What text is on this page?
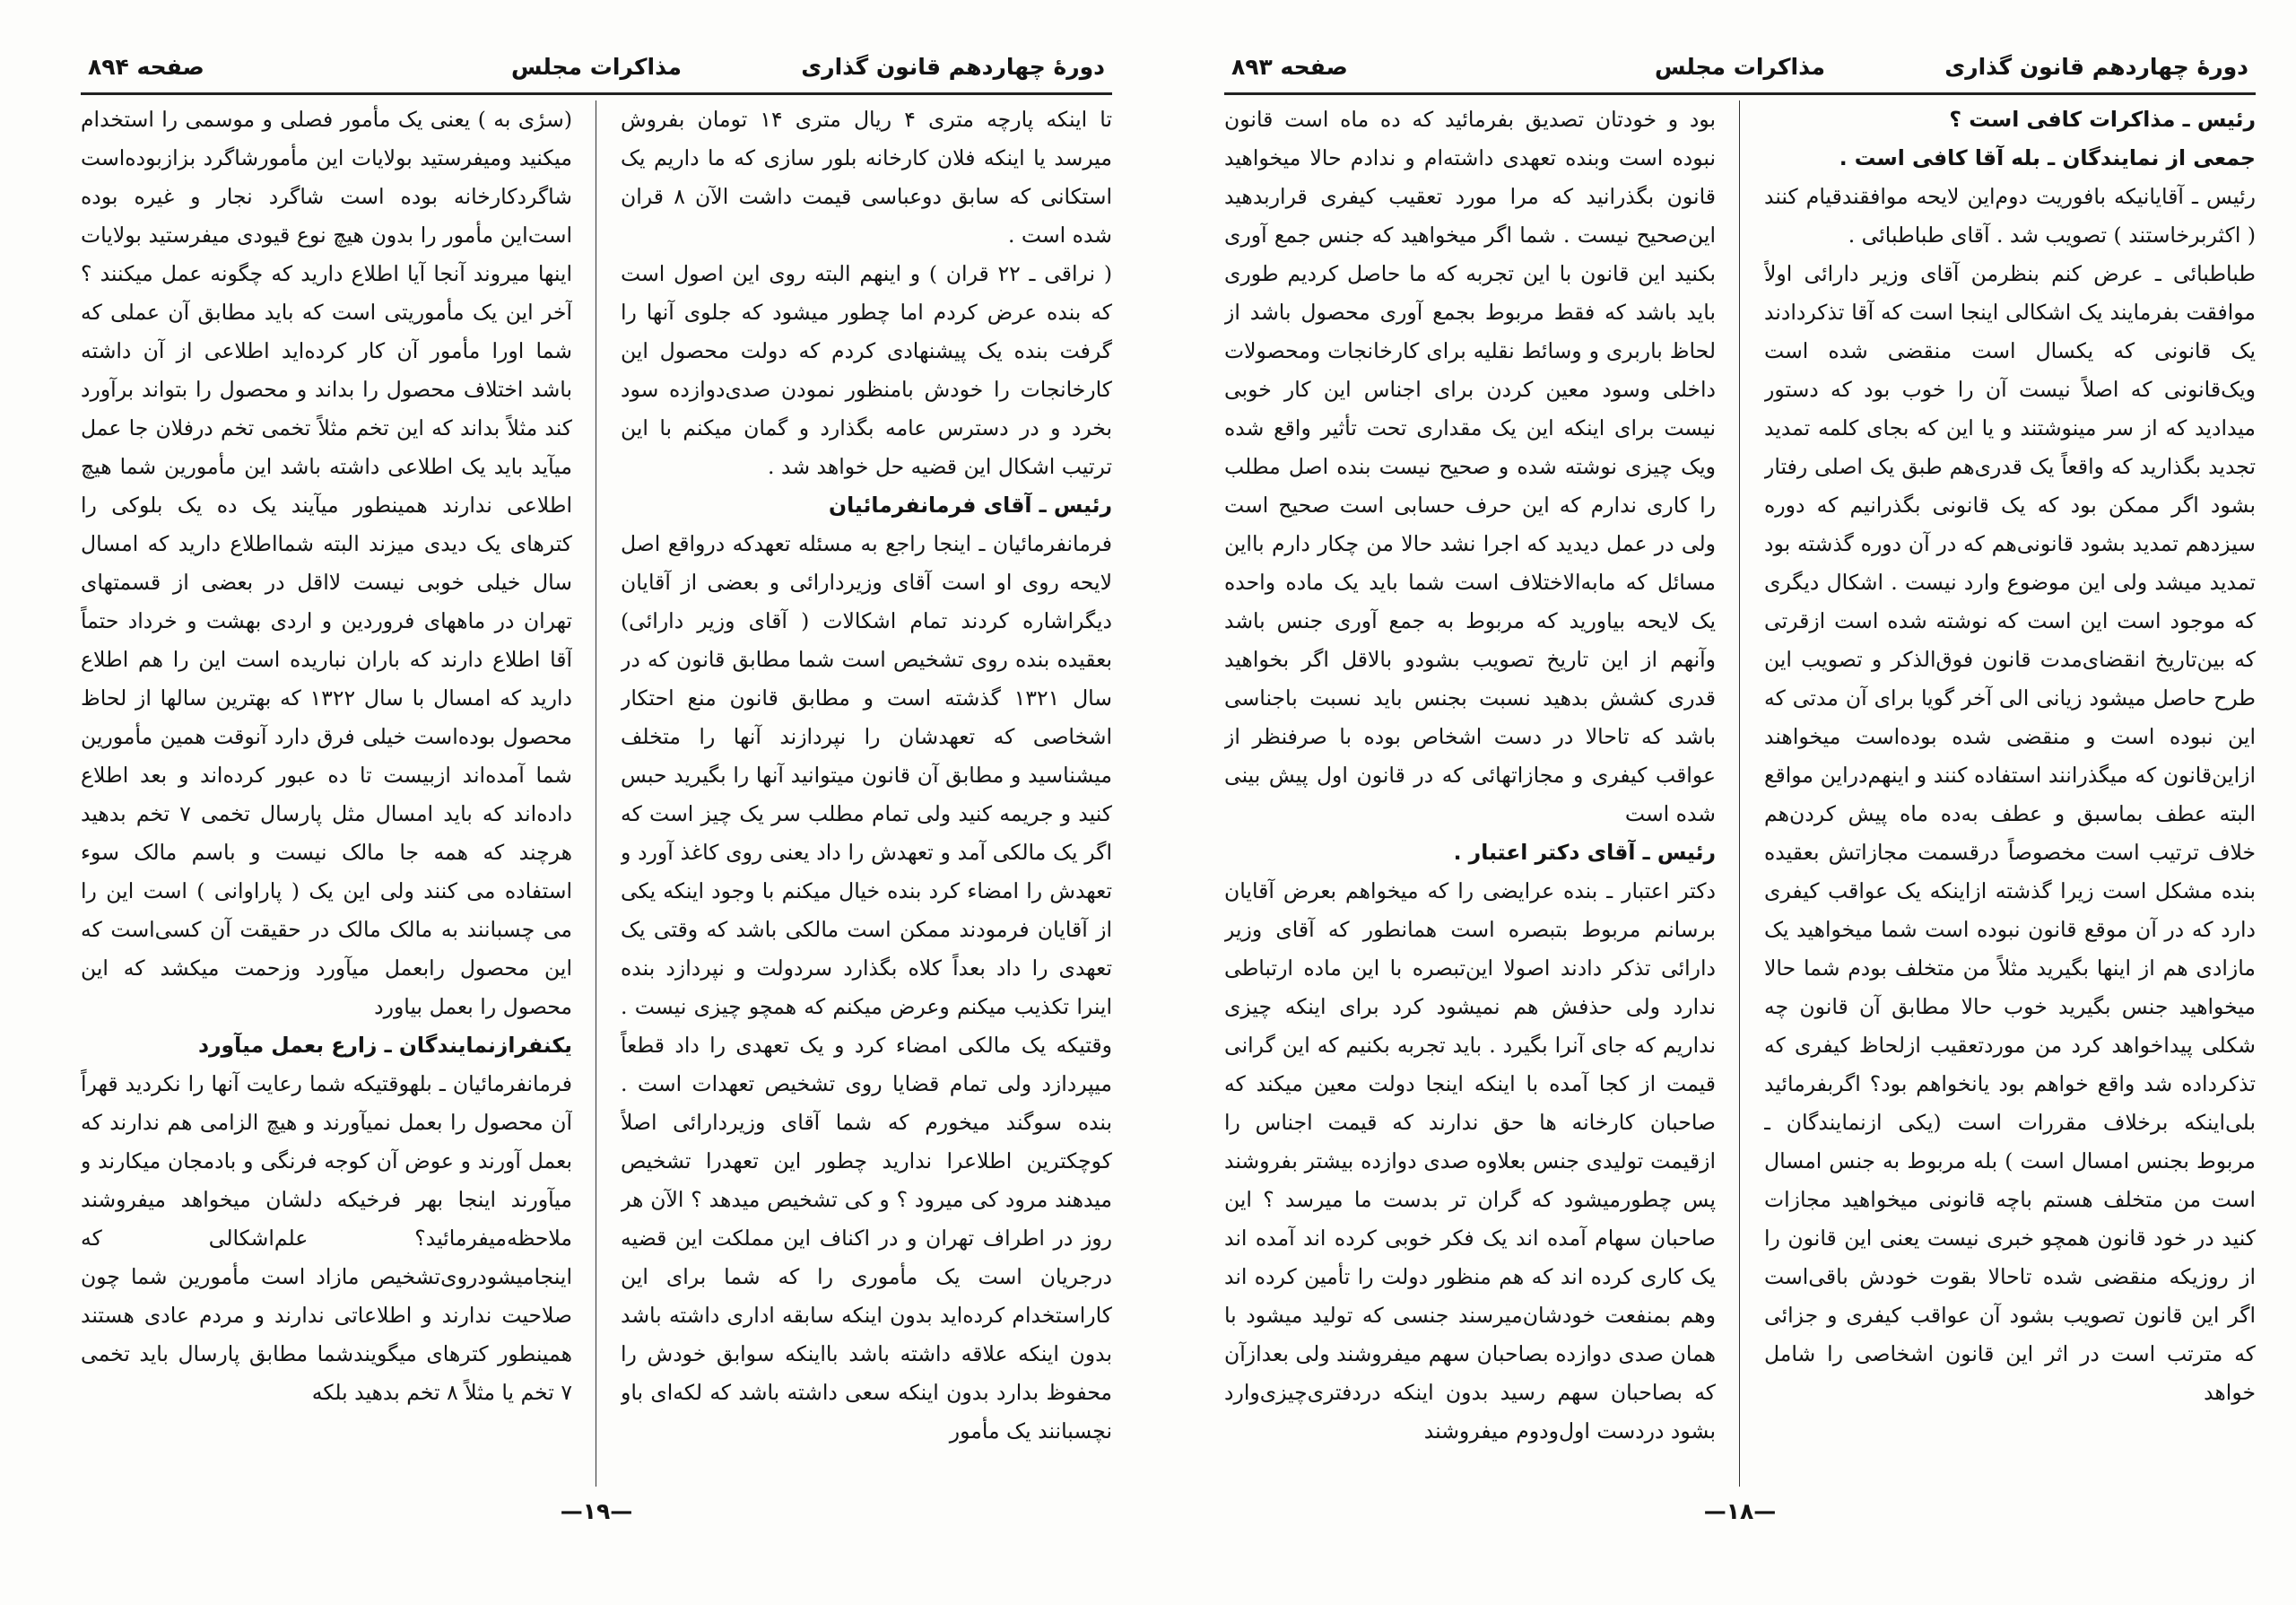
دورهٔ چهاردهم قانون گذاری
مذاکرات مجلس
صفحه ۸۹۴

تا اینکه پارچه متری ۴ ریال متری ۱۴ تومان بفروش میرسد یا اینکه فلان کارخانه بلور سازی که ما داریم یک استکانی که سابق دوعباسی قیمت داشت الآن ۸ قران شده است .

( نراقی ـ ۲۲ قران ) و اینهم البته روی این اصول است که بنده عرض کردم اما چطور میشود که جلوی آنها را گرفت بنده یک پیشنهادی کردم که دولت محصول این کارخانجات را خودش بامنظور نمودن صدی‌دوازده سود بخرد و در دسترس عامه بگذارد و گمان میکنم با این ترتیب اشکال این قضیه حل خواهد شد .

رئیس ـ آقای فرمانفرمائیان

فرمانفرمائیان ـ اینجا راجع به مسئله تعهدکه درواقع اصل لایحه روی او است آقای وزیردارائی و بعضی از آقایان دیگراشاره کردند تمام اشکالات ( آقای وزیر دارائی) بعقیده بنده روی تشخیص است شما مطابق قانون که در سال ۱۳۲۱ گذشته است و مطابق قانون منع احتکار اشخاصی که تعهدشان را نپردازند آنها را متخلف میشناسید و مطابق آن قانون میتوانید آنها را بگیرید حبس کنید و جریمه کنید ولی تمام مطلب سر یک چیز است که اگر یک مالکی آمد و تعهدش را داد یعنی روی کاغذ آورد و تعهدش را امضاء کرد بنده خیال میکنم با وجود اینکه یکی از آقایان فرمودند ممکن است مالکی باشد که وقتی یک تعهدی را داد بعداً کلاه بگذارد سردولت و نپردازد بنده اینرا تکذیب میکنم وعرض میکنم که همچو چیزی نیست . وقتیکه یک مالکی امضاء کرد و یک تعهدی را داد قطعاً میپردازد ولی تمام قضایا روی تشخیص تعهدات است . بنده سوگند میخورم که شما آقای وزیردارائی اصلاً کوچکترین اطلاعرا ندارید چطور این تعهدرا تشخیص میدهند مرود کی میرود ؟ و کی تشخیص میدهد ؟ الآن هر روز در اطراف تهران و در اکناف این مملکت این قضیه درجریان است یک مأموری را که شما برای این کاراستخدام کرده‌اید بدون اینکه سابقه اداری داشته باشد بدون اینکه علاقه داشته باشد بااینکه سوابق خودش را محفوظ بدارد بدون اینکه سعی داشته باشد که لکه‌ای باو نچسبانند یک مأمور

(سرٔی به ) یعنی یک مأمور فصلی و موسمی را استخدام میکنید ومیفرستید بولایات این مأمورشاگرد بزازبوده‌است شاگردکارخانه بوده است شاگرد نجار و غیره بوده است‌این مأمور را بدون هیچ نوع قیودی میفرستید بولایات اینها میروند آنجا آیا اطلاع دارید که چگونه عمل میکنند ؟ آخر این یک مأموریتی است که باید مطابق آن عملی که شما اورا مأمور آن کار کرده‌اید اطلاعی از آن داشته باشد اختلاف محصول را بداند و محصول را بتواند برآورد کند مثلاً بداند که این تخم مثلاً تخمی تخم درفلان جا عمل میآید باید یک اطلاعی داشته باشد این مأمورین شما هیچ اطلاعی ندارند همینطور میآیند یک ده یک بلوکی را کترهای یک دیدی میزند البته شمااطلاع دارید که امسال سال خیلی خوبی نیست لااقل در بعضی از قسمتهای تهران در ماههای فروردین و اردی بهشت و خرداد حتماً آقا اطلاع دارند که باران نباریده است این را هم اطلاع دارید که امسال با سال ۱۳۲۲ که بهترین سالها از لحاظ محصول بوده‌است خیلی فرق دارد آنوقت همین مأمورین شما آمده‌اند ازبیست تا ده عبور کرده‌اند و بعد اطلاع داده‌اند که باید امسال مثل پارسال تخمی ۷ تخم بدهید هرچند که همه جا مالک نیست و باسم مالک سوء استفاده می کنند ولی این یک ( پاراوانی ) است این را می چسبانند به مالک مالک در حقیقت آن کسی‌است که این محصول رابعمل میآورد وزحمت میکشد که این محصول را بعمل بیاورد

یکنفرازنمایندگان ـ زارع بعمل میآورد

فرمانفرمائیان ـ بلهوقتیکه شما رعایت آنها را نکردید قهراً آن محصول را بعمل نمیآورند و هیچ الزامی هم ندارند که بعمل آورند و عوض آن کوجه فرنگی و بادمجان میکارند و میآورند اینجا بهر فرخیکه دلشان میخواهد میفروشند ملاحظه‌میفرمائید؟ علم‌اشکالی که اینجامیشودروی‌تشخیص مازاد است مأمورین شما چون صلاحیت ندارند و اطلاعاتی ندارند و مردم عادی هستند همینطور کترهای میگویندشما مطابق پارسال باید تخمی ۷ تخم یا مثلاً ۸ تخم بدهید بلکه

—۱۹—
دورهٔ چهاردهم قانون گذاری
مذاکرات مجلس
صفحه ۸۹۳

رئیس ـ مذاکرات کافی است ؟

جمعی از نمایندگان ـ بله آقا کافی است .

رئیس ـ آقایانیکه بافوریت دوم‌این لایحه موافقندقیام کنند ( اکثربرخاستند ) تصویب شد . آقای طباطبائی .

طباطبائی ـ عرض کنم بنظرمن آقای وزیر دارائی اولاً موافقت بفرمایند یک اشکالی اینجا است که آقا تذکردادند یک قانونی که یکسال است منقضی شده است ویک‌قانونی که اصلاً نیست آن را خوب بود که دستور میدادید که از سر مینوشتند و یا این که بجای کلمه تمدید تجدید بگذارید که واقعاً یک قدری‌هم طبق یک اصلی رفتار بشود اگر ممکن بود که یک قانونی بگذرانیم که دوره سیزدهم تمدید بشود قانونی‌هم که در آن دوره گذشته بود تمدید میشد ولی این موضوع وارد نیست . اشکال دیگری که موجود است این است که نوشته شده است ازقرتی که بین‌تاریخ انقضای‌مدت قانون فوق‌الذکر و تصویب این طرح حاصل میشود زیانی الی آخر گویا برای آن مدتی که این نبوده است و منقضی شده بوده‌است میخواهند ازاین‌قانون که میگذرانند استفاده کنند و اینهم‌دراین مواقع البته عطف بماسبق و عطف به‌ده ماه پیش کردن‌هم خلاف ترتیب است مخصوصاً درقسمت مجازاتش بعقیده بنده مشکل است زیرا گذشته ازاینکه یک عواقب کیفری دارد که در آن موقع قانون نبوده است شما میخواهید یک مازادی هم از اینها بگیرید مثلاً من متخلف بودم شما حالا میخواهید جنس بگیرید خوب حالا مطابق آن قانون چه شکلی پیداخواهد کرد من موردتعقیب ازلحاظ کیفری که تذکرداده شد واقع خواهم بود یانخواهم بود؟ اگربفرمائید بلی‌اینکه برخلاف مقررات است (یکی ازنمایندگان ـ مربوط بجنس امسال است ) بله مربوط به جنس امسال است من متخلف هستم باچه قانونی میخواهید مجازات کنید در خود قانون همچو خبری نیست یعنی این قانون را از روزیکه منقضی شده تاحالا بقوت خودش باقی‌است اگر این قانون تصویب بشود آن عواقب کیفری و جزائی که مترتب است در اثر این قانون اشخاصی را شامل خواهد

بود و خودتان تصدیق بفرمائید که ده ماه است قانون نبوده است وبنده تعهدی داشته‌ام و ندادم حالا میخواهید قانون بگذرانید که مرا مورد تعقیب کیفری قراربدهید این‌صحیح نیست . شما اگر میخواهید که جنس جمع آوری بکنید این قانون با این تجربه که ما حاصل کردیم طوری باید باشد که فقط مربوط بجمع آوری محصول باشد از لحاظ باربری و وسائط نقلیه برای کارخانجات ومحصولات داخلی وسود معین کردن برای اجناس این کار خوبی نیست برای اینکه این یک مقداری تحت تأثیر واقع شده ویک چیزی نوشته شده و صحیح نیست بنده اصل مطلب را کاری ندارم که این حرف حسابی است صحیح است ولی در عمل دیدید که اجرا نشد حالا من چکار دارم بااین مسائل که مابه‌الاختلاف است شما باید یک ماده واحده یک لایحه بیاورید که مربوط به جمع آوری جنس باشد وآنهم از این تاریخ تصویب بشودو بالاقل اگر بخواهید قدری کشش بدهید نسبت بجنس باید نسبت باجناسی باشد که تاحالا در دست اشخاص بوده با صرفنظر از عواقب کیفری و مجازاتهائی که در قانون اول پیش بینی شده است

رئیس ـ آقای دکتر اعتبار .

دکتر اعتبار ـ بنده عرایضی را که میخواهم بعرض آقایان برسانم مربوط بتبصره است همانطور که آقای وزیر دارائی تذکر دادند اصولا این‌تبصره با این ماده ارتباطی ندارد ولی حذفش هم نمیشود کرد برای اینکه چیزی نداریم که جای آنرا بگیرد . باید تجربه بکنیم که این گرانی قیمت از کجا آمده با اینکه اینجا دولت معین میکند که صاحبان کارخانه ها حق ندارند که قیمت اجناس را ازقیمت تولیدی جنس بعلاوه صدی دوازده بیشتر بفروشند پس چطورمیشود که گران تر بدست ما میرسد ؟ این صاحبان سهام آمده اند یک فکر خوبی کرده اند آمده اند یک کاری کرده اند که هم منظور دولت را تأمین کرده اند وهم بمنفعت خودشان‌میرسند جنسی که تولید میشود با همان صدی دوازده بصاحبان سهم میفروشند ولی بعدازآن که بصاحبان سهم رسید بدون اینکه دردفتری‌چیزی‌وارد بشود دردست اول‌ودوم میفروشند

—۱۸—
